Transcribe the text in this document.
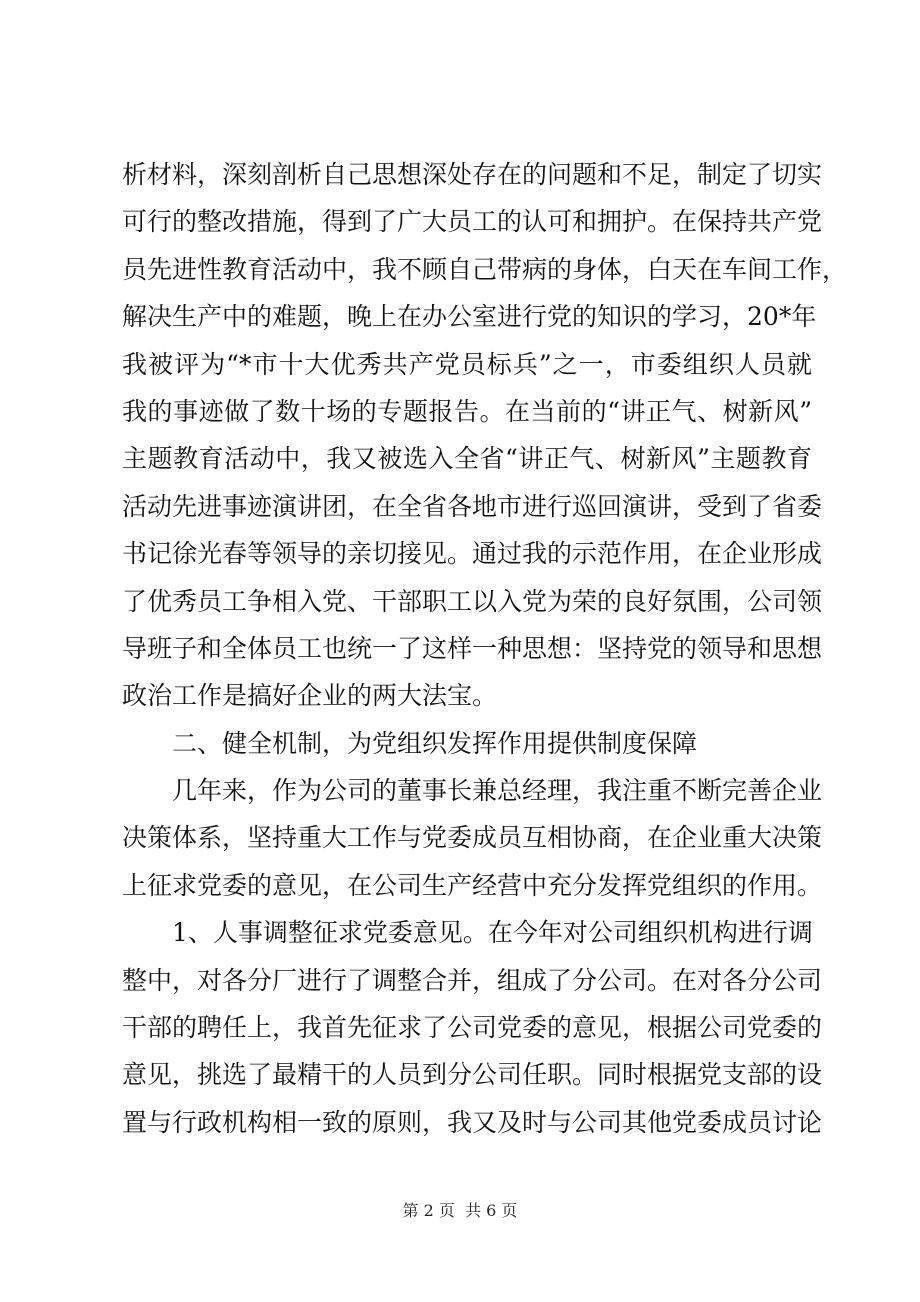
析材料，深刻剖析自己思想深处存在的问题和不足，制定了切实
可行的整改措施，得到了广大员工的认可和拥护。在保持共产党
员先进性教育活动中，我不顾自己带病的身体，白天在车间工作，
解决生产中的难题，晚上在办公室进行党的知识的学习，20*年
我被评为“*市十大优秀共产党员标兵”之一，市委组织人员就
我的事迹做了数十场的专题报告。在当前的“讲正气、树新风”
主题教育活动中，我又被选入全省“讲正气、树新风”主题教育
活动先进事迹演讲团，在全省各地市进行巡回演讲，受到了省委
书记徐光春等领导的亲切接见。通过我的示范作用，在企业形成
了优秀员工争相入党、干部职工以入党为荣的良好氛围，公司领
导班子和全体员工也统一了这样一种思想：坚持党的领导和思想
政治工作是搞好企业的两大法宝。
二、健全机制，为党组织发挥作用提供制度保障
几年来，作为公司的董事长兼总经理，我注重不断完善企业
决策体系，坚持重大工作与党委成员互相协商，在企业重大决策
上征求党委的意见，在公司生产经营中充分发挥党组织的作用。
1、人事调整征求党委意见。在今年对公司组织机构进行调
整中，对各分厂进行了调整合并，组成了分公司。在对各分公司
干部的聘任上，我首先征求了公司党委的意见，根据公司党委的
意见，挑选了最精干的人员到分公司任职。同时根据党支部的设
置与行政机构相一致的原则，我又及时与公司其他党委成员讨论
第 2 页  共 6 页
